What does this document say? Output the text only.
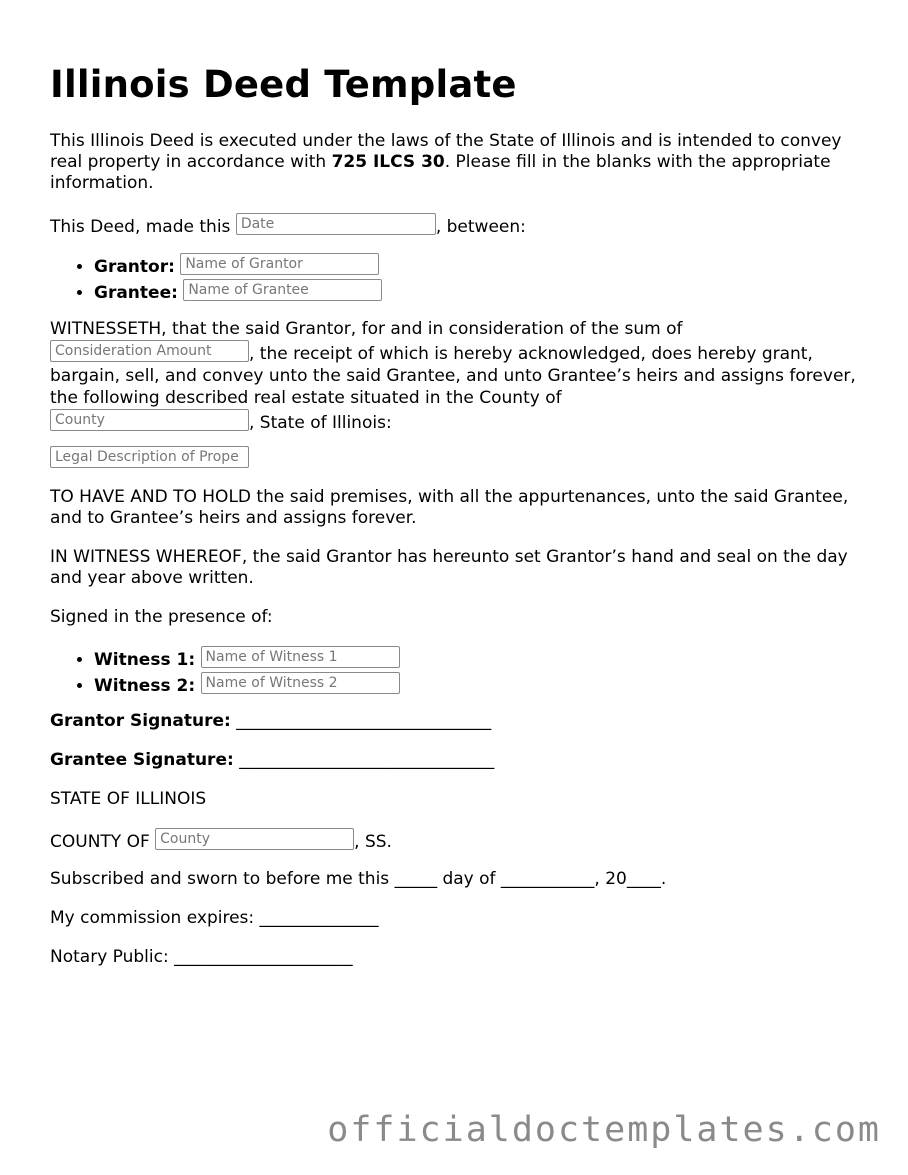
Illinois Deed Template

This Illinois Deed is executed under the laws of the State of Illinois and is intended to convey real property in accordance with 725 ILCS 30. Please fill in the blanks with the appropriate information.

This Deed, made this Date	, between:

• Grantor: Name of Grantor
• Grantee: Name of Grantee

WITNESSETH, that the said Grantor, for and in consideration of the sum of
Consideration Amount , the receipt of which is hereby acknowledged, does hereby grant, bargain, sell, and convey unto the said Grantee, and unto Grantee’s heirs and assigns forever, the following described real estate situated in the County of
County	, State of Illinois:

Legal Description of Prope

TO HAVE AND TO HOLD the said premises, with all the appurtenances, unto the said Grantee, and to Grantee’s heirs and assigns forever.

IN WITNESS WHEREOF, the said Grantor has hereunto set Grantor’s hand and seal on the day and year above written.

Signed in the presence of:

• Witness 1: Name of Witness 1
• Witness 2: Name of Witness 2

Grantor Signature: ______________________________

Grantee Signature: ______________________________

STATE OF ILLINOIS

COUNTY OF County	, SS.

Subscribed and sworn to before me this _____ day of ___________, 20____.

My commission expires: ______________

Notary Public: _____________________

officialdoctemplates.com
